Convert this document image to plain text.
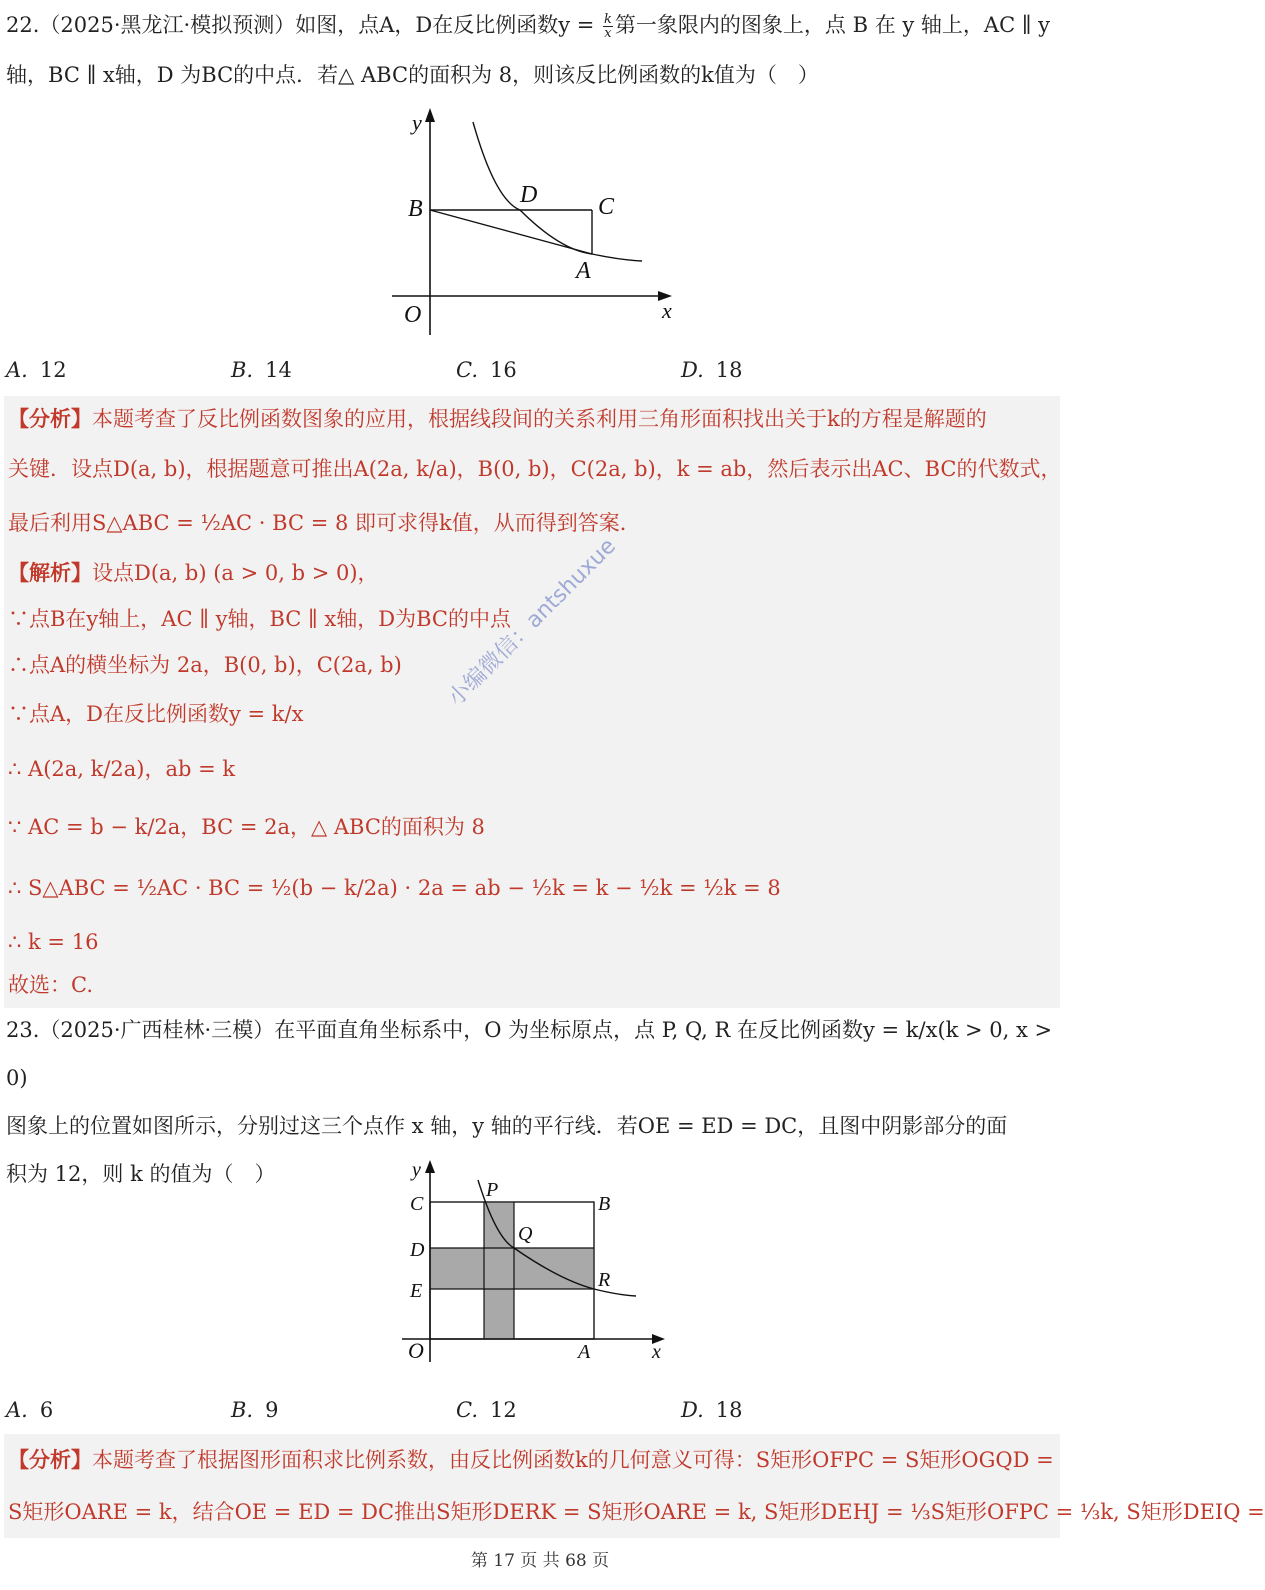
22.（2025·黑龙江·模拟预测）如图，点A，D在反比例函数$y = \frac{k}{x}$ 第一象限内的图象上，点 B 在 y 轴上，AC ∥ y
轴，BC ∥ x轴，D 为BC的中点．若△ ABC的面积为 8，则该反比例函数的k值为（　）
y
x
O
B
D	C
A
A. 12	B. 14	C. 16	D. 18
【分析】本题考查了反比例函数图象的应用，根据线段间的关系利用三角形面积找出关于k的方程是解题的
关键．设点D(a, b)，根据题意可推出A(2a, k/a)，B(0, b)，C(2a, b)，k = ab，然后表示出AC、BC的代数式，
最后利用S△ABC = ½AC · BC = 8 即可求得k值，从而得到答案．
【解析】设点D(a, b) (a > 0, b > 0)，
∵点B在y轴上，AC ∥ y轴，BC ∥ x轴，D为BC的中点
∴点A的横坐标为 2a，B(0, b)，C(2a, b)
∵点A，D在反比例函数y = k/x
∴ A(2a, k/2a)，ab = k
∵ AC = b − k/2a，BC = 2a，△ ABC的面积为 8
∴ S△ABC = ½AC · BC = ½(b − k/2a) · 2a = ab − ½k = k − ½k = ½k = 8
∴ k = 16
故选：C.
小编微信：antshuxue
23.（2025·广西桂林·三模）在平面直角坐标系中，O 为坐标原点，点 P, Q, R 在反比例函数y = k/x(k > 0, x > 0)
图象上的位置如图所示，分别过这三个点作 x 轴，y 轴的平行线．若OE = ED = DC，且图中阴影部分的面
积为 12，则 k 的值为（　）	y
x
O	A
B
C
D
E
P
Q
R
A. 6	B. 9	C. 12	D. 18
【分析】本题考查了根据图形面积求比例系数，由反比例函数k的几何意义可得：S矩形OFPC = S矩形OGQD =
S矩形OARE = k，结合OE = ED = DC推出S矩形DERK = S矩形OARE = k, S矩形DEHJ = ⅓S矩形OFPC = ⅓k, S矩形DEIQ =
第 17 页 共 68 页
